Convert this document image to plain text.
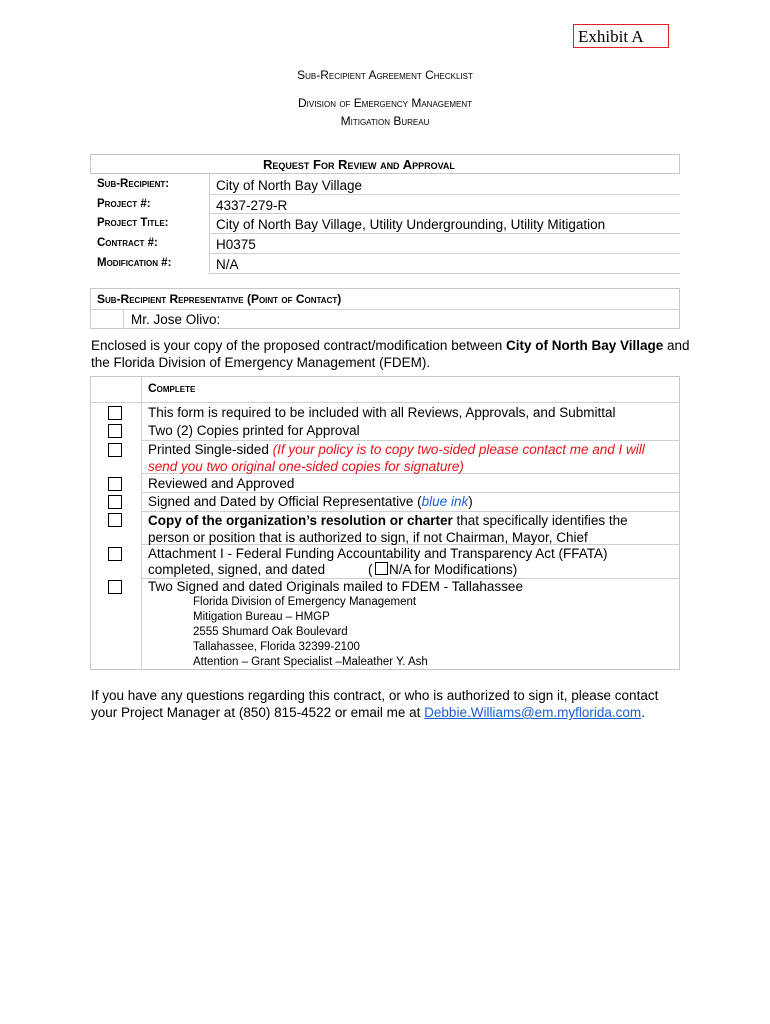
Exhibit A
Sub-Recipient Agreement Checklist
Division of Emergency Management
Mitigation Bureau
Request For Review and Approval
Sub-Recipient:	City of North Bay Village
Project #:	4337-279-R
Project Title:	City of North Bay Village, Utility Undergrounding, Utility Mitigation
Contract #:	H0375
Modification #:	N/A
Sub-Recipient Representative (Point of Contact)
Mr. Jose Olivo:
Enclosed is your copy of the proposed contract/modification between City of North Bay Village and the Florida Division of Emergency Management (FDEM).
Complete
This form is required to be included with all Reviews, Approvals, and Submittal
Two (2) Copies printed for Approval
Printed Single-sided (If your policy is to copy two-sided please contact me and I will
send you two original one-sided copies for signature)
Reviewed and Approved
Signed and Dated by Official Representative (blue ink)
Copy of the organization’s resolution or charter that specifically identifies the
person or position that is authorized to sign, if not Chairman, Mayor, Chief
Attachment I - Federal Funding Accountability and Transparency Act (FFATA)
completed, signed, and dated	( N/A for Modifications)
Two Signed and dated Originals mailed to FDEM - Tallahassee
Florida Division of Emergency Management
Mitigation Bureau – HMGP
2555 Shumard Oak Boulevard
Tallahassee, Florida 32399-2100
Attention – Grant Specialist –Maleather Y. Ash
If you have any questions regarding this contract, or who is authorized to sign it, please contact
your Project Manager at (850) 815-4522 or email me at Debbie.Williams@em.myflorida.com.
